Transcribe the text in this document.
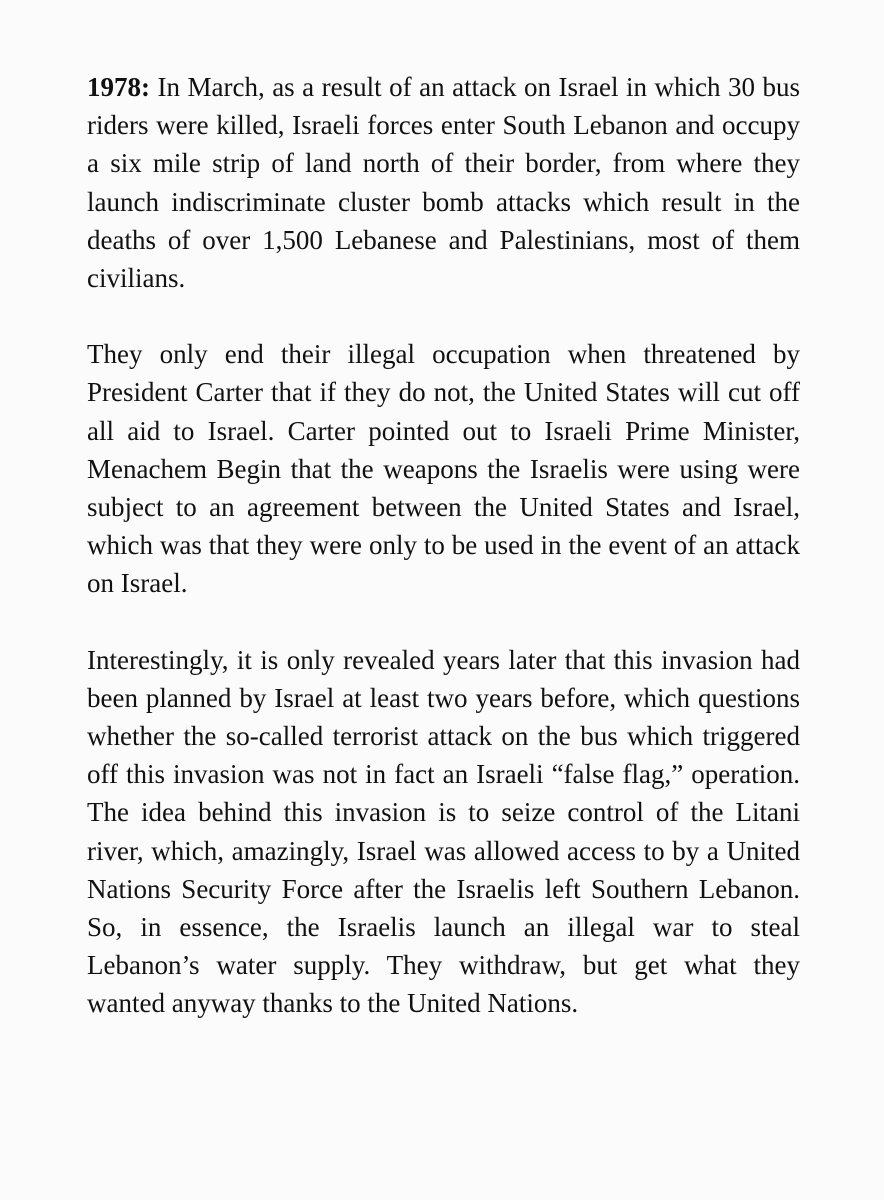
1978: In March, as a result of an attack on Israel in which 30 bus riders were killed, Israeli forces enter South Lebanon and occupy a six mile strip of land north of their border, from where they launch indiscriminate cluster bomb attacks which result in the deaths of over 1,500 Lebanese and Palestinians, most of them civilians.

They only end their illegal occupation when threatened by President Carter that if they do not, the United States will cut off all aid to Israel. Carter pointed out to Israeli Prime Minister, Menachem Begin that the weapons the Israelis were using were subject to an agreement between the United States and Israel, which was that they were only to be used in the event of an attack on Israel.

Interestingly, it is only revealed years later that this invasion had been planned by Israel at least two years before, which questions whether the so-called terrorist attack on the bus which triggered off this invasion was not in fact an Israeli “false flag,” operation. The idea behind this invasion is to seize control of the Litani river, which, amazingly, Israel was allowed access to by a United Nations Security Force after the Israelis left Southern Lebanon. So, in essence, the Israelis launch an illegal war to steal Lebanon’s water supply. They withdraw, but get what they wanted anyway thanks to the United Nations.
